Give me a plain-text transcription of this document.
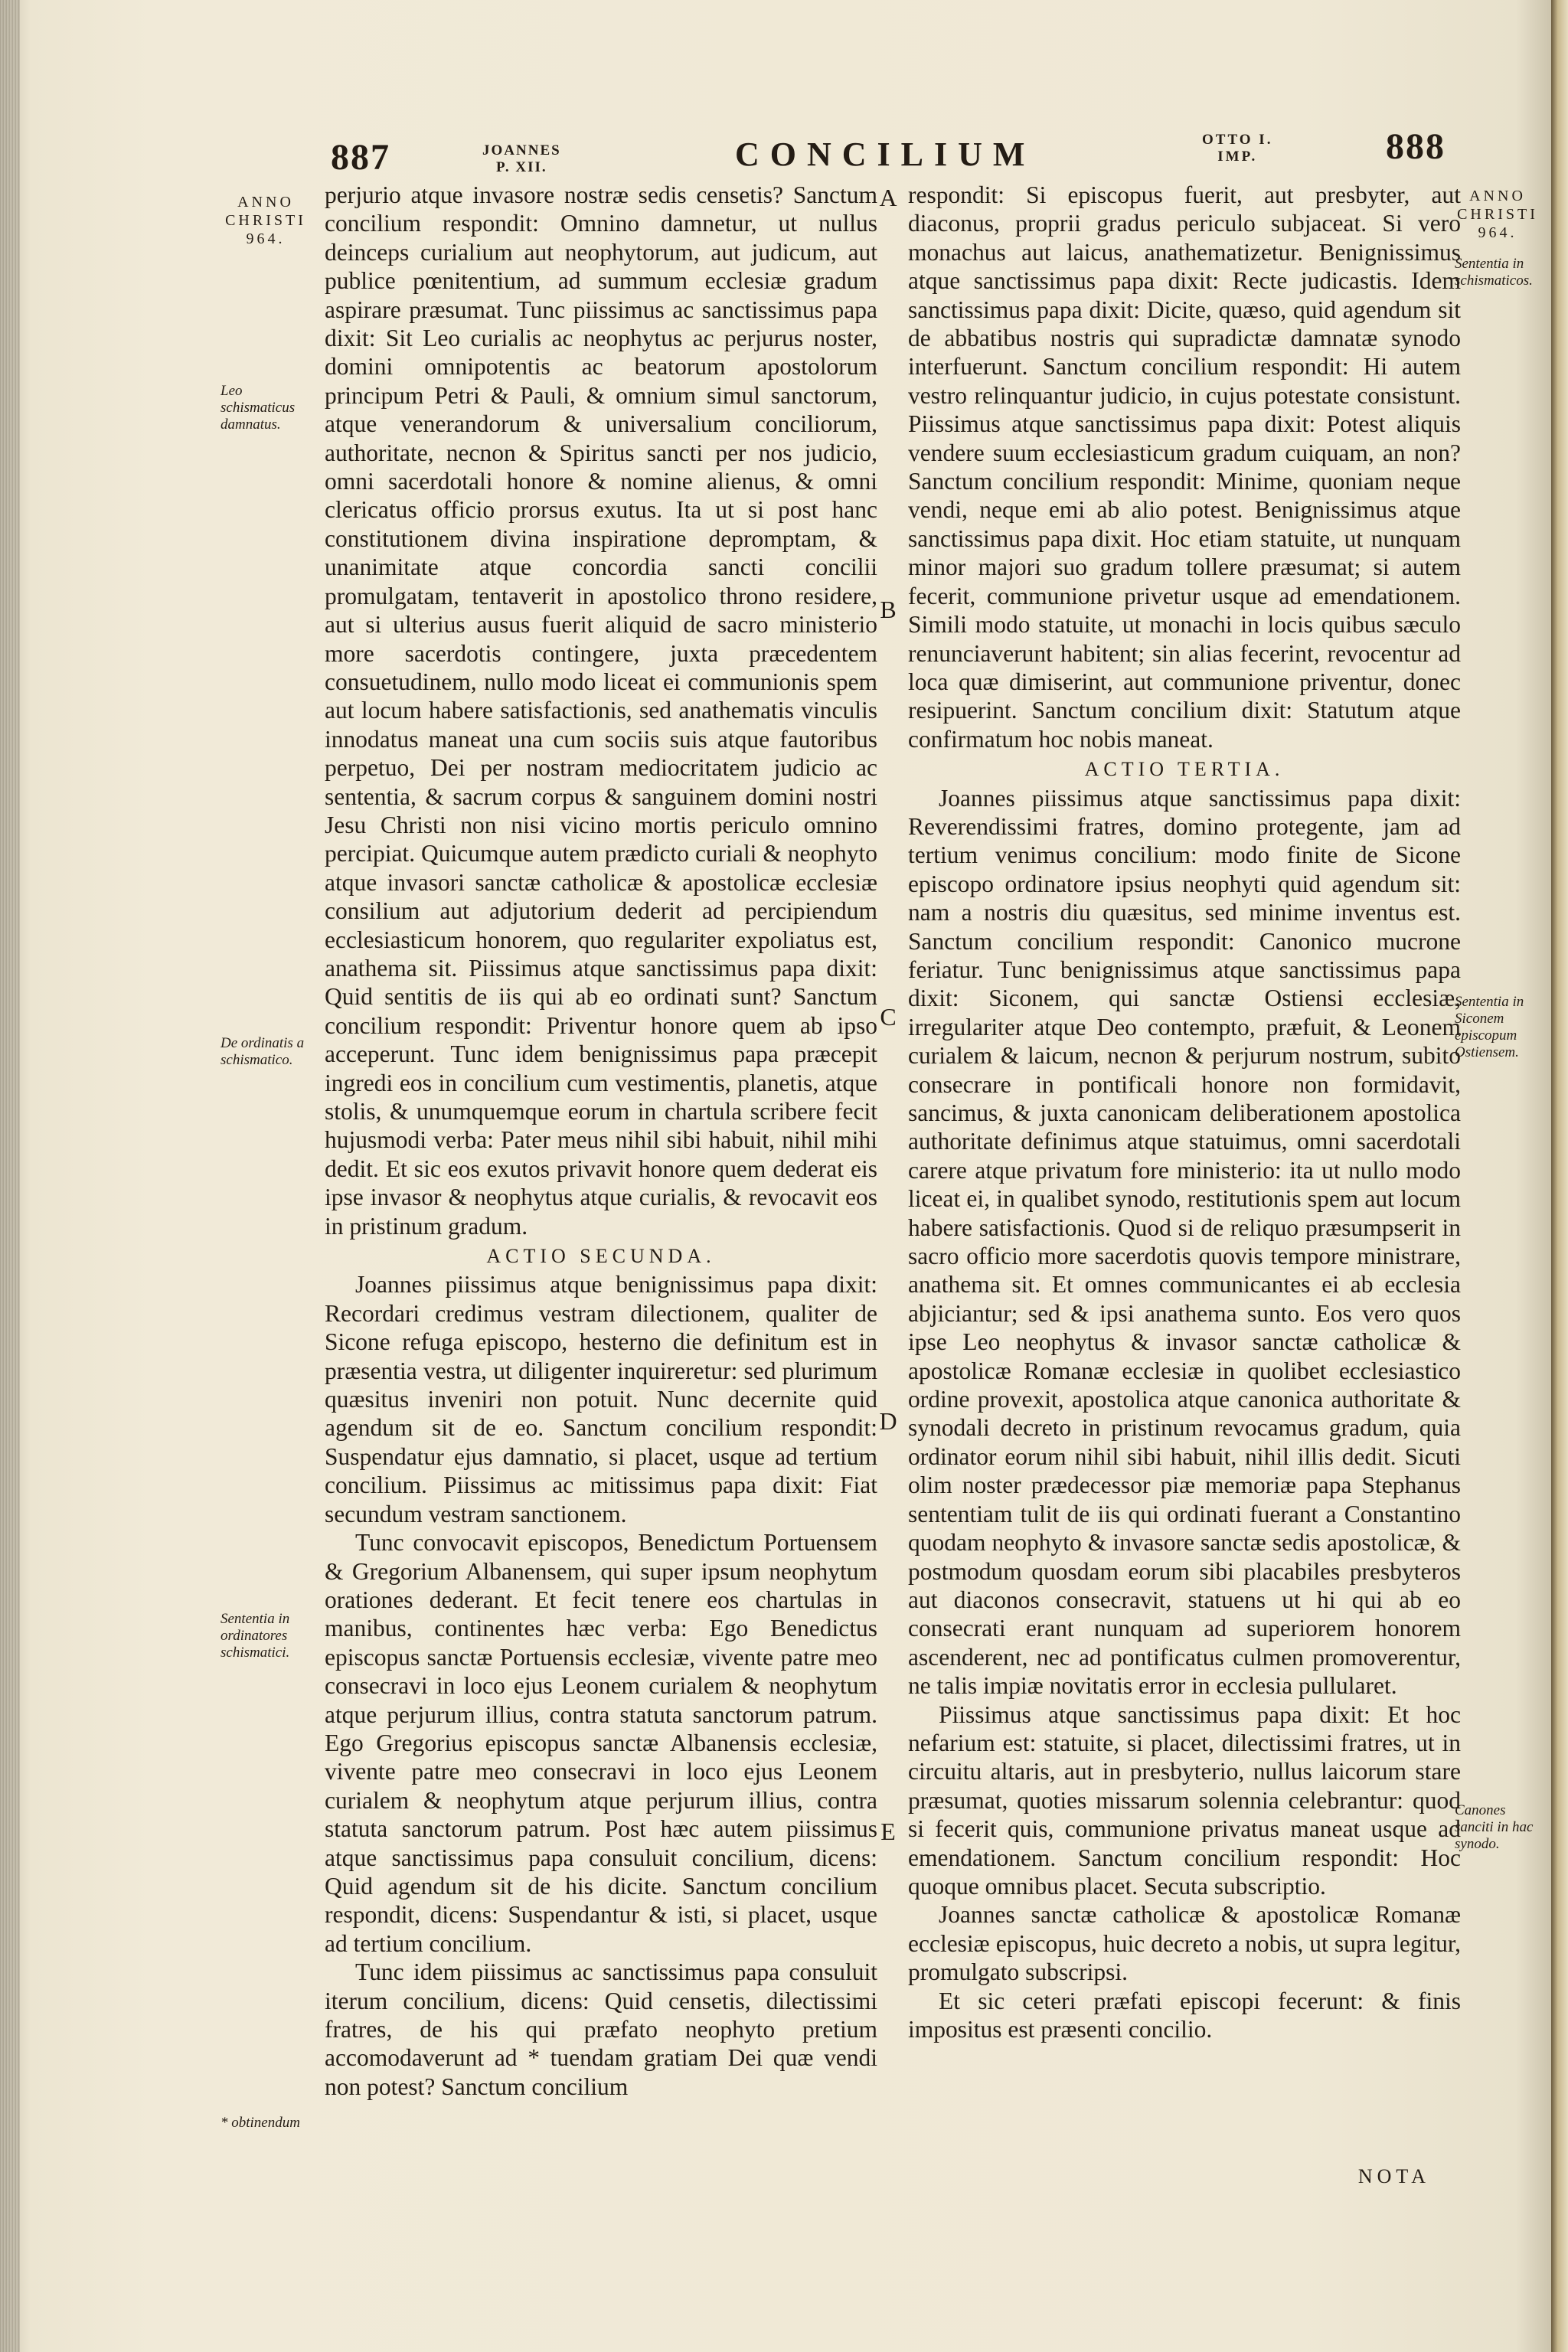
887	JOANNES
P. XII.	CONCILIUM	OTTO I.
IMP.	888
ANNO
CHRISTI
964.
Leo schismaticus damnatus.
De ordinatis a schismatico.
Sententia in ordinatores schismatici.
* obtinendum
ANNO
CHRISTI
964.
Sententia in schismaticos.
Sententia in Siconem episcopum Ostiensem.
Canones sanciti in hac synodo.
A
B
C
D
E

perjurio atque invasore nostræ sedis censetis? Sanctum concilium respondit: Omnino damnetur, ut nullus deinceps curialium aut neophytorum, aut judicum, aut publice pœnitentium, ad summum ecclesiæ gradum aspirare præsumat. Tunc piissimus ac sanctissimus papa dixit: Sit Leo curialis ac neophytus ac perjurus noster, domini omnipotentis ac beatorum apostolorum principum Petri & Pauli, & omnium simul sanctorum, atque venerandorum & universalium conciliorum, authoritate, necnon & Spiritus sancti per nos judicio, omni sacerdotali honore & nomine alienus, & omni clericatus officio prorsus exutus. Ita ut si post hanc constitutionem divina inspiratione depromptam, & unanimitate atque concordia sancti concilii promulgatam, tentaverit in apostolico throno residere, aut si ulterius ausus fuerit aliquid de sacro ministerio more sacerdotis contingere, juxta præcedentem consuetudinem, nullo modo liceat ei communionis spem aut locum habere satisfactionis, sed anathematis vinculis innodatus maneat una cum sociis suis atque fautoribus perpetuo, Dei per nostram mediocritatem judicio ac sententia, & sacrum corpus & sanguinem domini nostri Jesu Christi non nisi vicino mortis periculo omnino percipiat. Quicumque autem prædicto curiali & neophyto atque invasori sanctæ catholicæ & apostolicæ ecclesiæ consilium aut adjutorium dederit ad percipiendum ecclesiasticum honorem, quo regulariter expoliatus est, anathema sit. Piissimus atque sanctissimus papa dixit: Quid sentitis de iis qui ab eo ordinati sunt? Sanctum concilium respondit: Priventur honore quem ab ipso acceperunt. Tunc idem benignissimus papa præcepit ingredi eos in concilium cum vestimentis, planetis, atque stolis, & unumquemque eorum in chartula scribere fecit hujusmodi verba: Pater meus nihil sibi habuit, nihil mihi dedit. Et sic eos exutos privavit honore quem dederat eis ipse invasor & neophytus atque curialis, & revocavit eos in pristinum gradum.

ACTIO SECUNDA.

Joannes piissimus atque benignissimus papa dixit: Recordari credimus vestram dilectionem, qualiter de Sicone refuga episcopo, hesterno die definitum est in præsentia vestra, ut diligenter inquireretur: sed plurimum quæsitus inveniri non potuit. Nunc decernite quid agendum sit de eo. Sanctum concilium respondit: Suspendatur ejus damnatio, si placet, usque ad tertium concilium. Piissimus ac mitissimus papa dixit: Fiat secundum vestram sanctionem.

Tunc convocavit episcopos, Benedictum Portuensem & Gregorium Albanensem, qui super ipsum neophytum orationes dederant. Et fecit tenere eos chartulas in manibus, continentes hæc verba: Ego Benedictus episcopus sanctæ Portuensis ecclesiæ, vivente patre meo consecravi in loco ejus Leonem curialem & neophytum atque perjurum illius, contra statuta sanctorum patrum. Ego Gregorius episcopus sanctæ Albanensis ecclesiæ, vivente patre meo consecravi in loco ejus Leonem curialem & neophytum atque perjurum illius, contra statuta sanctorum patrum. Post hæc autem piissimus atque sanctissimus papa consuluit concilium, dicens: Quid agendum sit de his dicite. Sanctum concilium respondit, dicens: Suspendantur & isti, si placet, usque ad tertium concilium.

Tunc idem piissimus ac sanctissimus papa consuluit iterum concilium, dicens: Quid censetis, dilectissimi fratres, de his qui præfato neophyto pretium accomodaverunt ad * tuendam gratiam Dei quæ vendi non potest? Sanctum concilium

respondit: Si episcopus fuerit, aut presbyter, aut diaconus, proprii gradus periculo subjaceat. Si vero monachus aut laicus, anathematizetur. Benignissimus atque sanctissimus papa dixit: Recte judicastis. Idem sanctissimus papa dixit: Dicite, quæso, quid agendum sit de abbatibus nostris qui supradictæ damnatæ synodo interfuerunt. Sanctum concilium respondit: Hi autem vestro relinquantur judicio, in cujus potestate consistunt. Piissimus atque sanctissimus papa dixit: Potest aliquis vendere suum ecclesiasticum gradum cuiquam, an non? Sanctum concilium respondit: Minime, quoniam neque vendi, neque emi ab alio potest. Benignissimus atque sanctissimus papa dixit. Hoc etiam statuite, ut nunquam minor majori suo gradum tollere præsumat; si autem fecerit, communione privetur usque ad emendationem. Simili modo statuite, ut monachi in locis quibus sæculo renunciaverunt habitent; sin alias fecerint, revocentur ad loca quæ dimiserint, aut communione priventur, donec resipuerint. Sanctum concilium dixit: Statutum atque confirmatum hoc nobis maneat.

ACTIO TERTIA.

Joannes piissimus atque sanctissimus papa dixit: Reverendissimi fratres, domino protegente, jam ad tertium venimus concilium: modo finite de Sicone episcopo ordinatore ipsius neophyti quid agendum sit: nam a nostris diu quæsitus, sed minime inventus est. Sanctum concilium respondit: Canonico mucrone feriatur. Tunc benignissimus atque sanctissimus papa dixit: Siconem, qui sanctæ Ostiensi ecclesiæ, irregulariter atque Deo contempto, præfuit, & Leonem curialem & laicum, necnon & perjurum nostrum, subito consecrare in pontificali honore non formidavit, sancimus, & juxta canonicam deliberationem apostolica authoritate definimus atque statuimus, omni sacerdotali carere atque privatum fore ministerio: ita ut nullo modo liceat ei, in qualibet synodo, restitutionis spem aut locum habere satisfactionis. Quod si de reliquo præsumpserit in sacro officio more sacerdotis quovis tempore ministrare, anathema sit. Et omnes communicantes ei ab ecclesia abjiciantur; sed & ipsi anathema sunto. Eos vero quos ipse Leo neophytus & invasor sanctæ catholicæ & apostolicæ Romanæ ecclesiæ in quolibet ecclesiastico ordine provexit, apostolica atque canonica authoritate & synodali decreto in pristinum revocamus gradum, quia ordinator eorum nihil sibi habuit, nihil illis dedit. Sicuti olim noster prædecessor piæ memoriæ papa Stephanus sententiam tulit de iis qui ordinati fuerant a Constantino quodam neophyto & invasore sanctæ sedis apostolicæ, & postmodum quosdam eorum sibi placabiles presbyteros aut diaconos consecravit, statuens ut hi qui ab eo consecrati erant nunquam ad superiorem honorem ascenderent, nec ad pontificatus culmen promoverentur, ne talis impiæ novitatis error in ecclesia pullularet.

Piissimus atque sanctissimus papa dixit: Et hoc nefarium est: statuite, si placet, dilectissimi fratres, ut in circuitu altaris, aut in presbyterio, nullus laicorum stare præsumat, quoties missarum solennia celebrantur: quod si fecerit quis, communione privatus maneat usque ad emendationem. Sanctum concilium respondit: Hoc quoque omnibus placet. Secuta subscriptio.

Joannes sanctæ catholicæ & apostolicæ Romanæ ecclesiæ episcopus, huic decreto a nobis, ut supra legitur, promulgato subscripsi.

Et sic ceteri præfati episcopi fecerunt: & finis impositus est præsenti concilio.

NOTA
